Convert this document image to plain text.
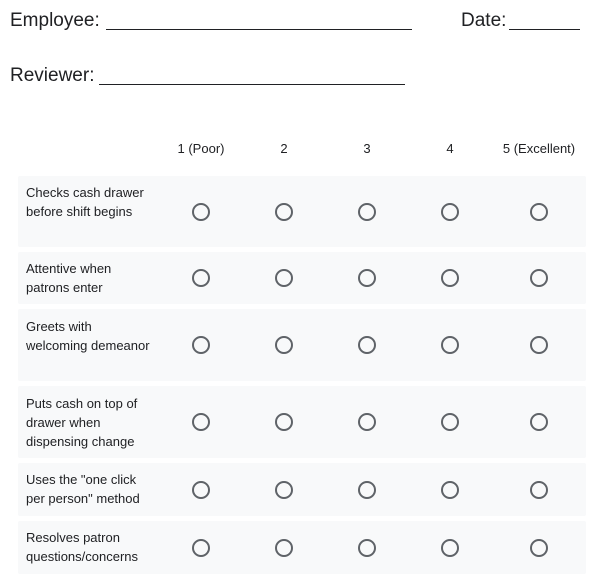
Employee:	Date:
Reviewer:
1 (Poor)	2	3	4	5 (Excellent)
Checks cash drawer before shift begins
Attentive when patrons enter
Greets with welcoming demeanor
Puts cash on top of drawer when dispensing change
Uses the "one click per person" method
Resolves patron questions/concerns
